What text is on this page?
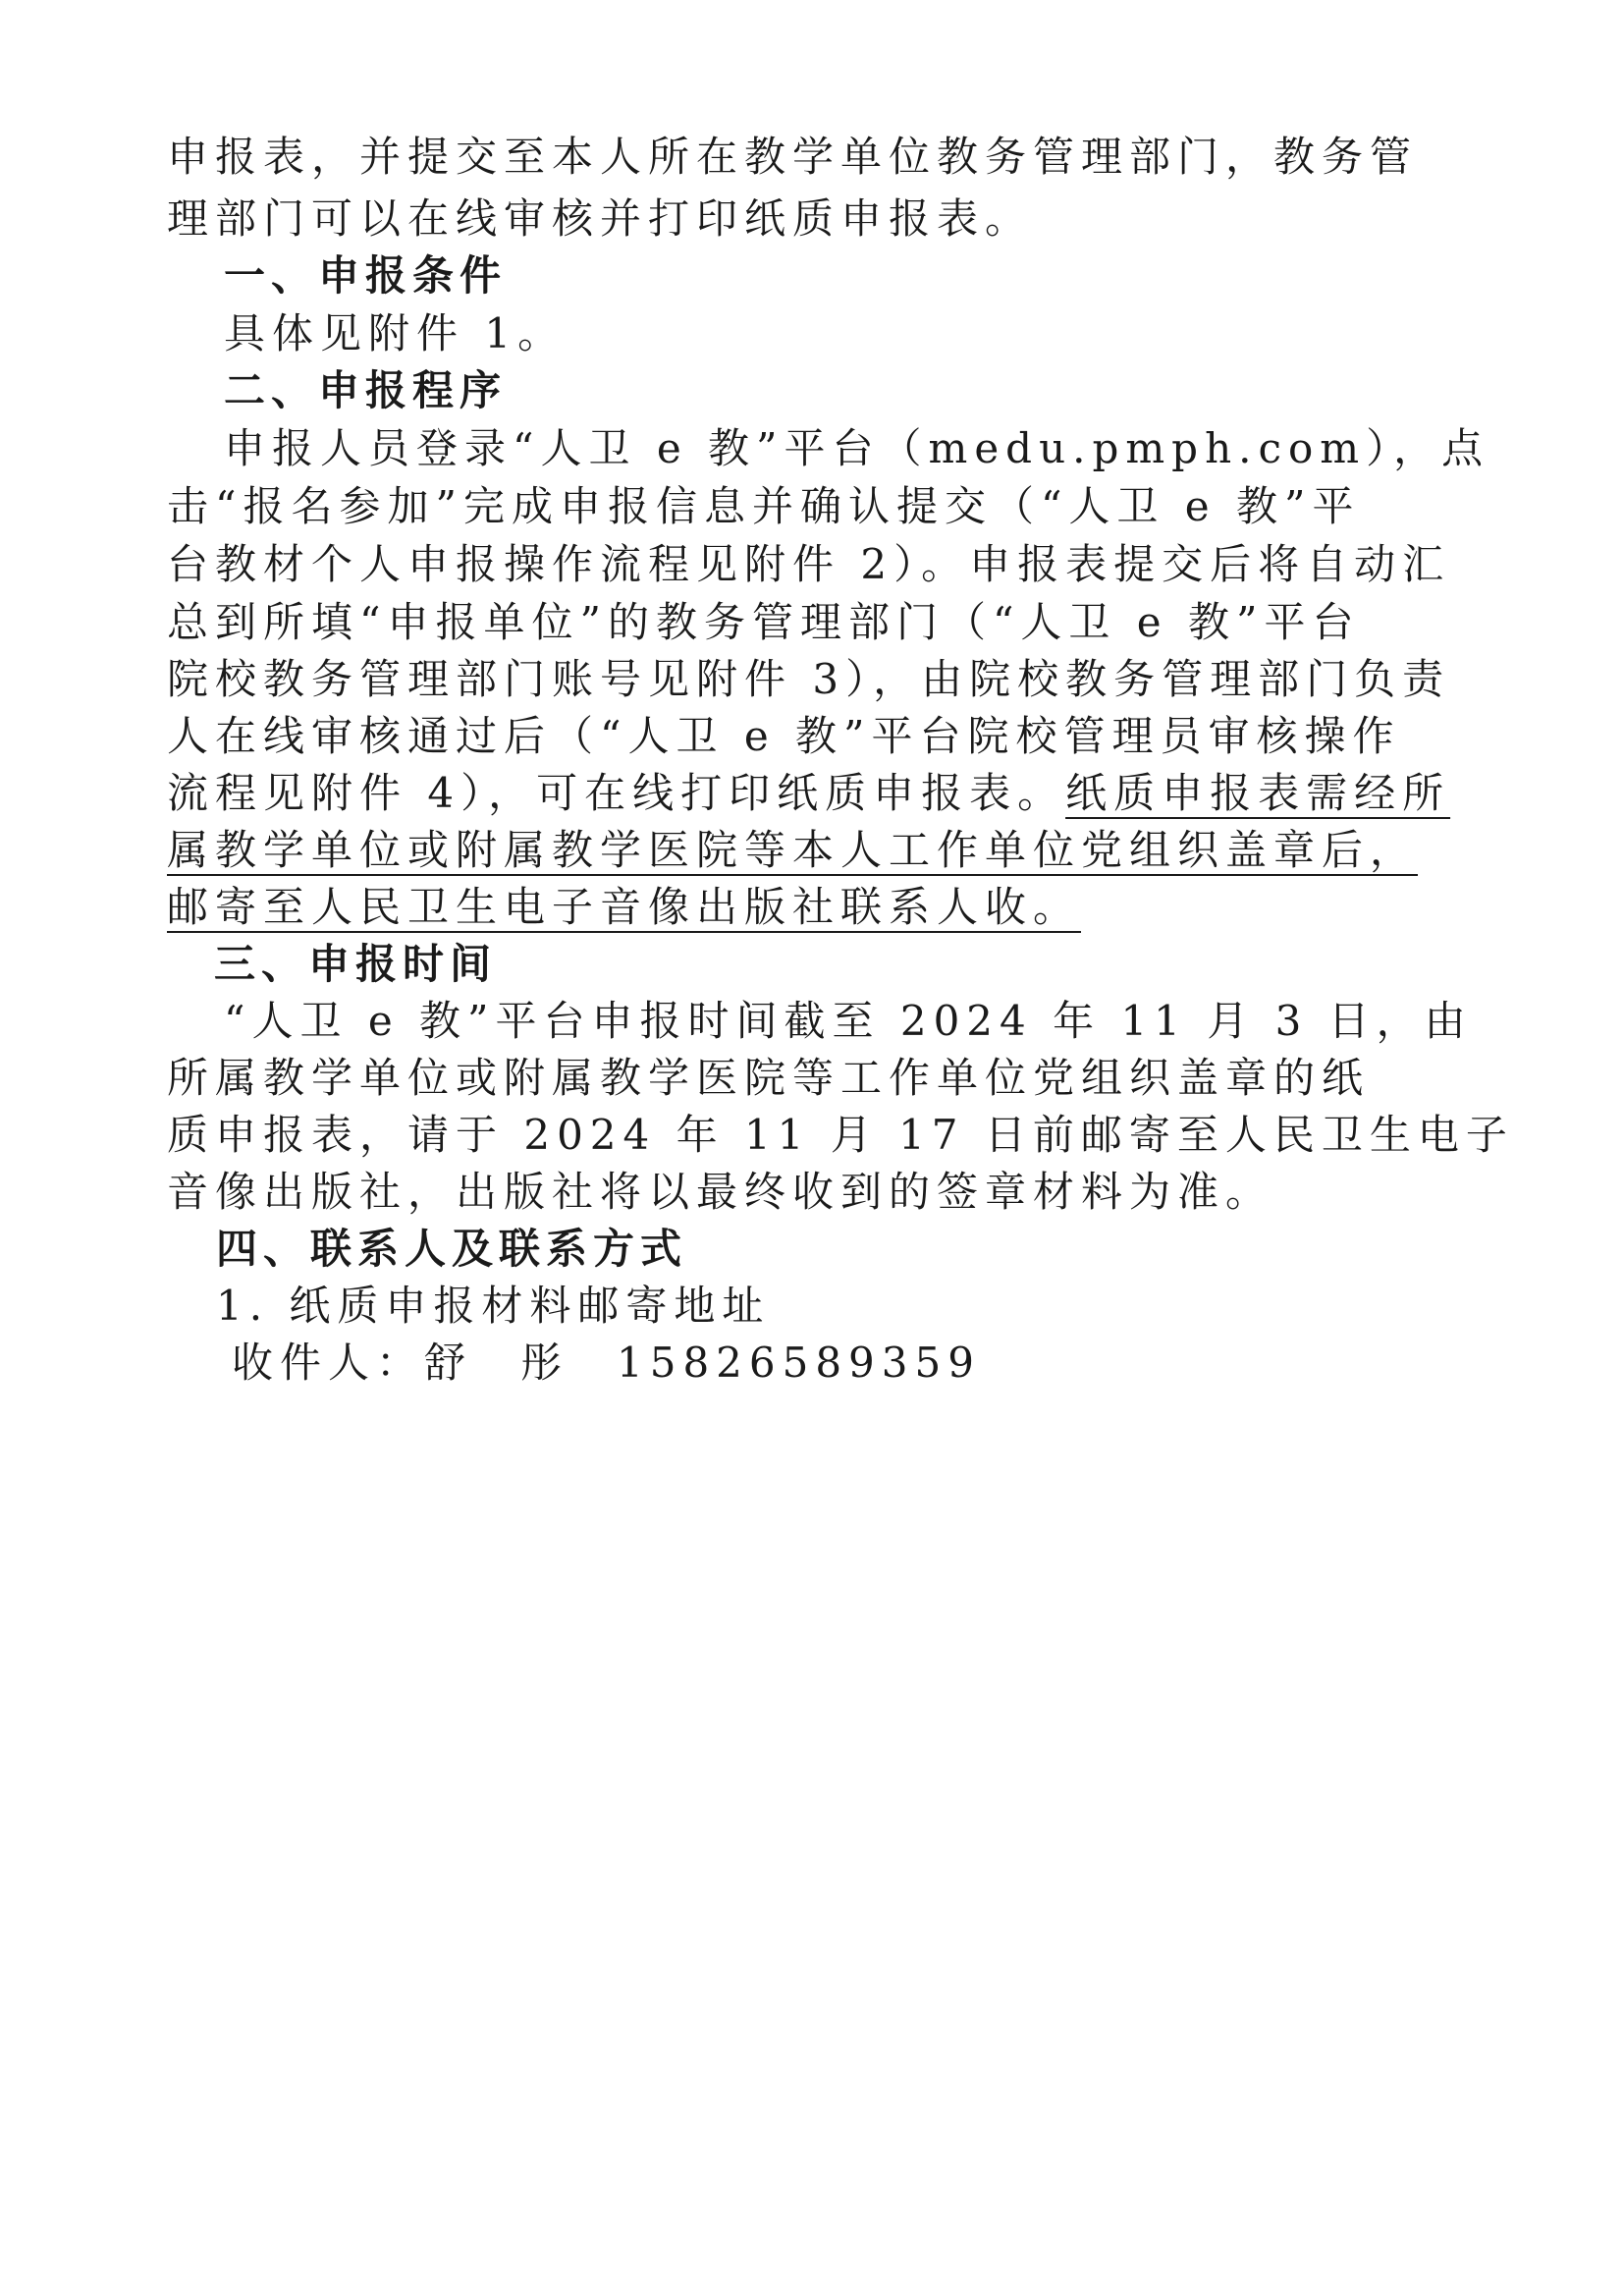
申报表，并提交至本人所在教学单位教务管理部门，教务管
理部门可以在线审核并打印纸质申报表。
一、申报条件
具体见附件 1。
二、申报程序
申报人员登录“人卫 e 教”平台（medu.pmph.com），点
击“报名参加”完成申报信息并确认提交（“人卫 e 教”平
台教材个人申报操作流程见附件 2）。申报表提交后将自动汇
总到所填“申报单位”的教务管理部门（“人卫 e 教”平台
院校教务管理部门账号见附件 3），由院校教务管理部门负责
人在线审核通过后（“人卫 e 教”平台院校管理员审核操作
流程见附件 4），可在线打印纸质申报表。纸质申报表需经所
属教学单位或附属教学医院等本人工作单位党组织盖章后，
邮寄至人民卫生电子音像出版社联系人收。
三、申报时间
“人卫 e 教”平台申报时间截至 2024 年 11 月 3 日，由
所属教学单位或附属教学医院等工作单位党组织盖章的纸
质申报表，请于 2024 年 11 月 17 日前邮寄至人民卫生电子
音像出版社，出版社将以最终收到的签章材料为准。
四、联系人及联系方式
1. 纸质申报材料邮寄地址
收件人：舒　彤　15826589359
